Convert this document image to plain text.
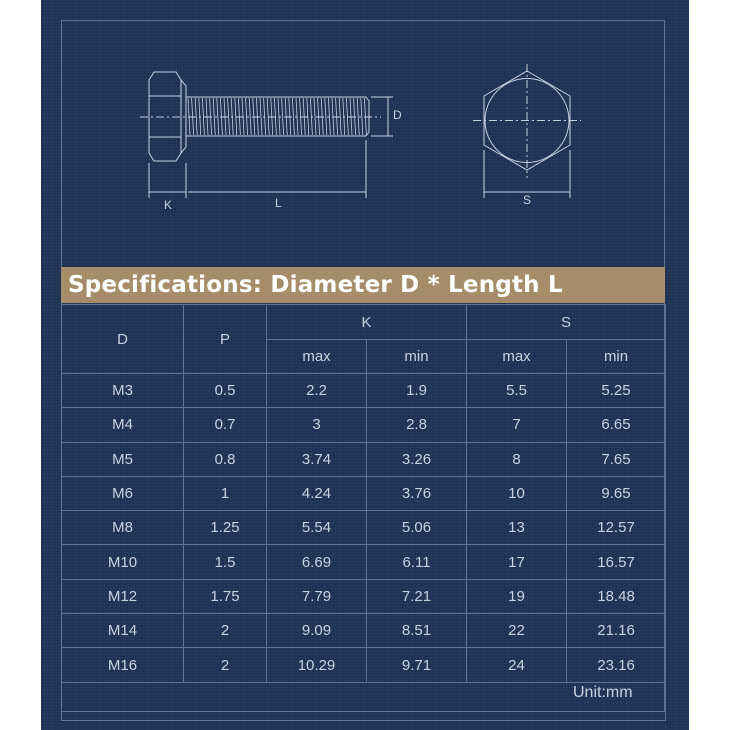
D
K	L	S
Specifications: Diameter D * Length L
D	P	K		S	
		max	min	max	min
M3	0.5	2.2	1.9	5.5	5.25
M4	0.7	3	2.8	7	6.65
M5	0.8	3.74	3.26	8	7.65
M6	1	4.24	3.76	10	9.65
M8	1.25	5.54	5.06	13	12.57
M10	1.5	6.69	6.11	17	16.57
M12	1.75	7.79	7.21	19	18.48
M14	2	9.09	8.51	22	21.16
M16	2	10.29	9.71	24	23.16

Unit:mm
